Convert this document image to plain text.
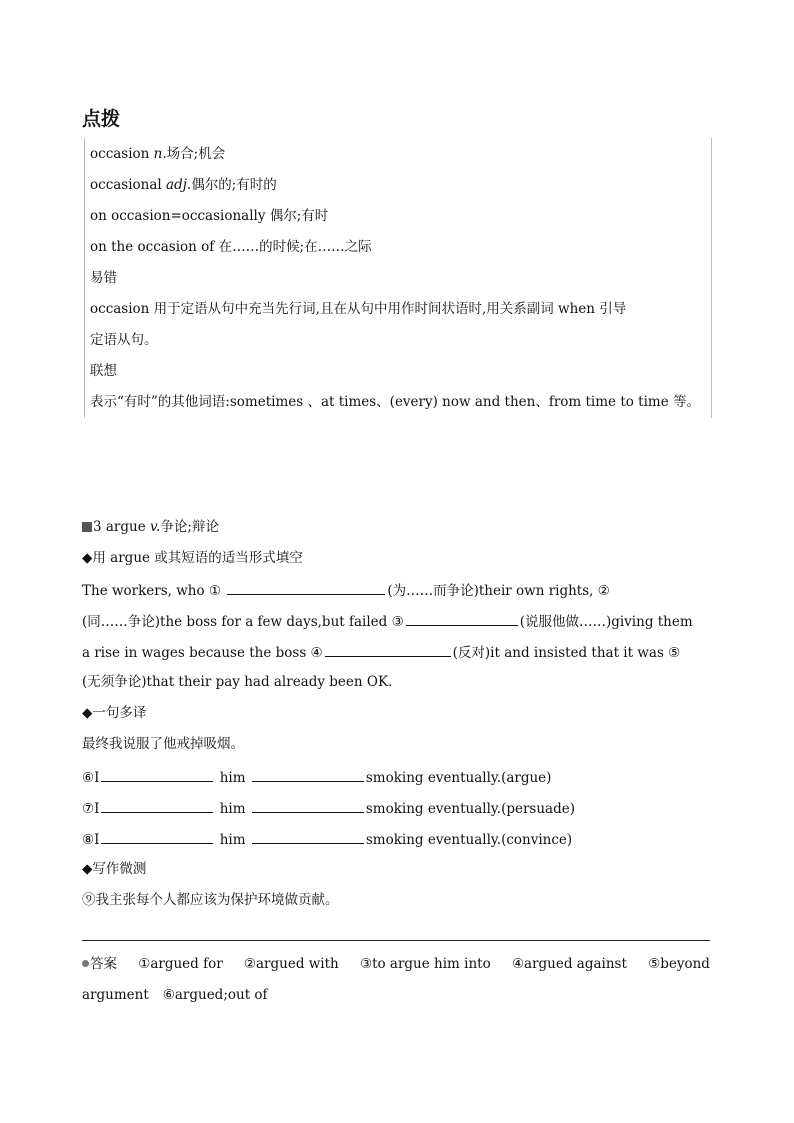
点拨
occasion n.场合;机会
occasional adj.偶尔的;有时的
on occasion=occasionally 偶尔;有时
on the occasion of 在……的时候;在……之际
易错
occasion 用于定语从句中充当先行词,且在从句中用作时间状语时,用关系副词 when 引导
定语从句。
联想
表示“有时”的其他词语:sometimes 、at times、(every) now and then、from time to time 等。
3 argue v.争论;辩论
◆用 argue 或其短语的适当形式填空
The workers, who ①	(为……而争论)their own rights, ②
(同……争论)the boss for a few days,but failed ③	(说服他做……)giving them
a rise in wages because the boss ④	(反对)it and insisted that it was ⑤
(无须争论)that their pay had already been OK.
◆一句多译
最终我说服了他戒掉吸烟。
⑥I	him	smoking eventually.(argue)
⑦I	him	smoking eventually.(persuade)
⑧I	him	smoking eventually.(convince)
◆写作微测
⑨我主张每个人都应该为保护环境做贡献。
答案 ①argued for ②argued with ③to argue him into ④argued against ⑤beyond
argument ⑥argued;out of
